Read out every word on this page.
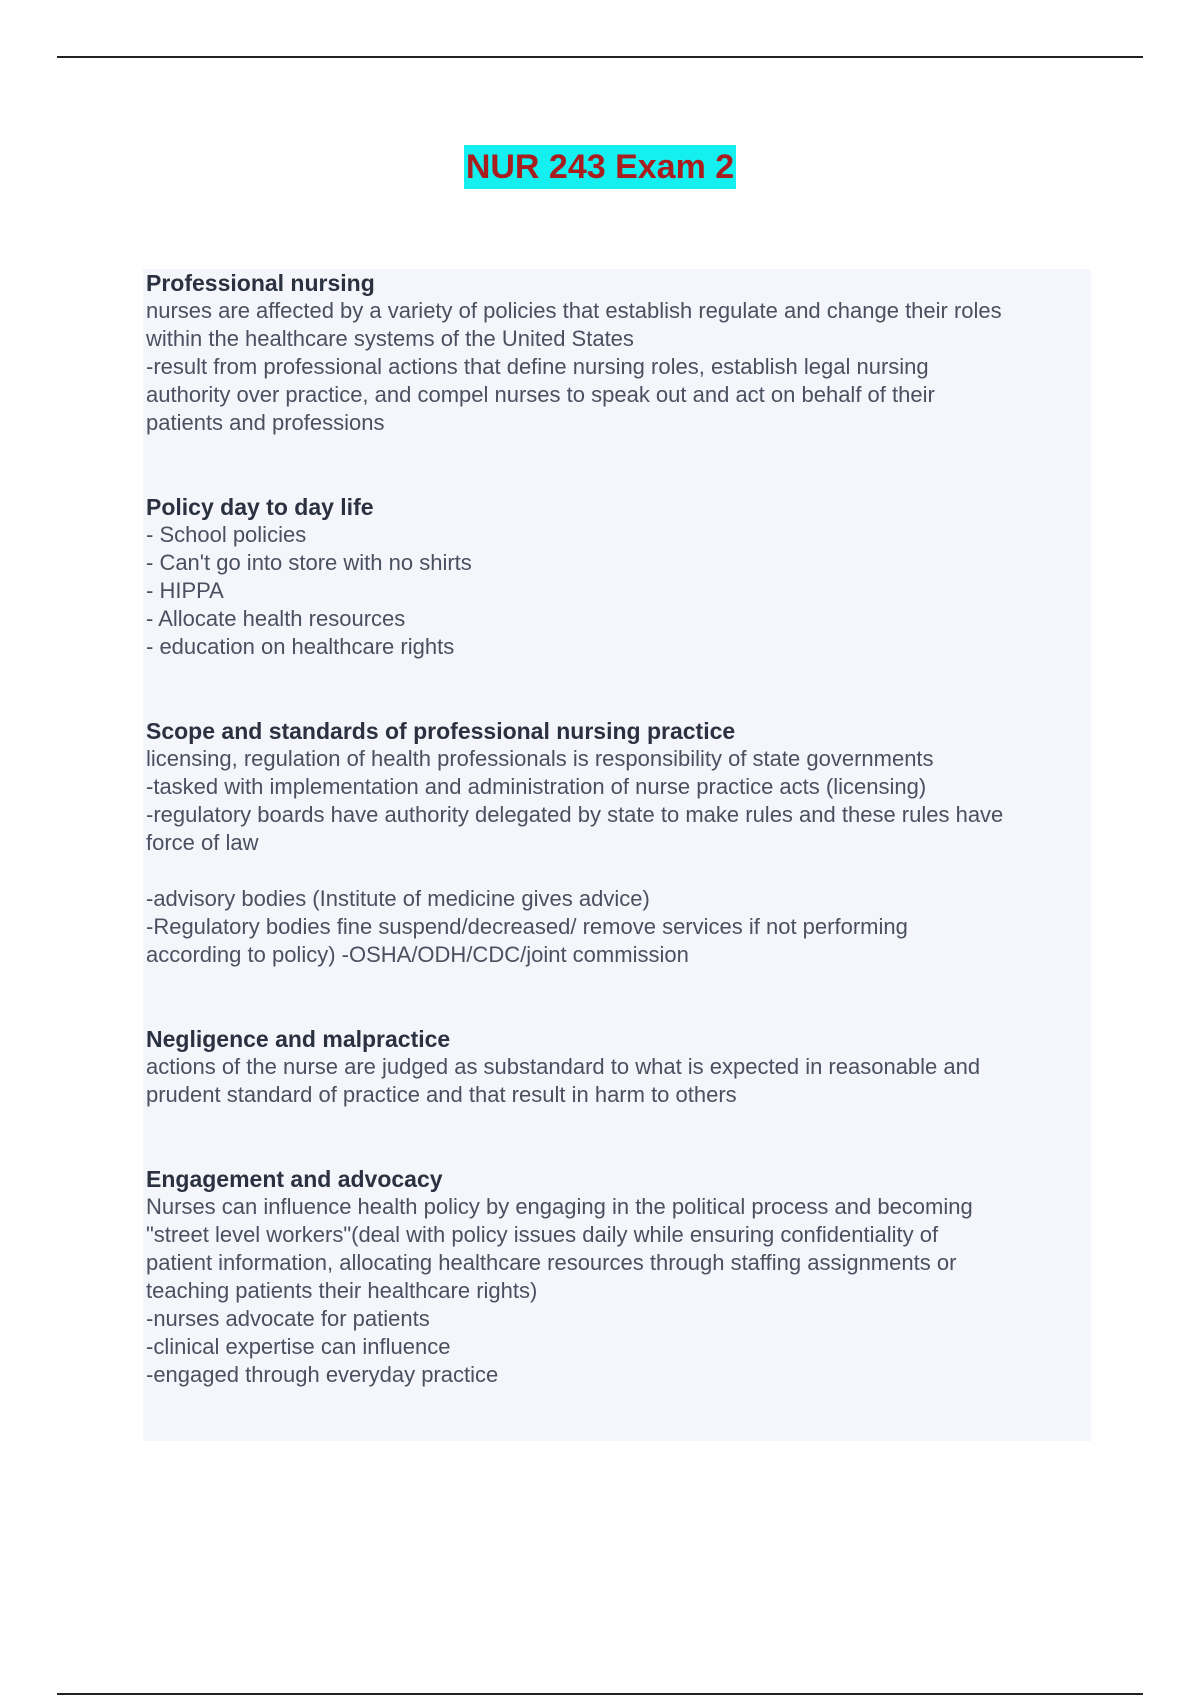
NUR 243 Exam 2
Professional nursing

nurses are affected by a variety of policies that establish regulate and change their roles

within the healthcare systems of the United States

-result from professional actions that define nursing roles, establish legal nursing

authority over practice, and compel nurses to speak out and act on behalf of their

patients and professions

Policy day to day life

- School policies

- Can't go into store with no shirts

- HIPPA

- Allocate health resources

- education on healthcare rights

Scope and standards of professional nursing practice

licensing, regulation of health professionals is responsibility of state governments

-tasked with implementation and administration of nurse practice acts (licensing)

-regulatory boards have authority delegated by state to make rules and these rules have

force of law

-advisory bodies (Institute of medicine gives advice)

-Regulatory bodies fine suspend/decreased/ remove services if not performing

according to policy) -OSHA/ODH/CDC/joint commission

Negligence and malpractice

actions of the nurse are judged as substandard to what is expected in reasonable and

prudent standard of practice and that result in harm to others

Engagement and advocacy

Nurses can influence health policy by engaging in the political process and becoming

"street level workers"(deal with policy issues daily while ensuring confidentiality of

patient information, allocating healthcare resources through staffing assignments or

teaching patients their healthcare rights)

-nurses advocate for patients

-clinical expertise can influence

-engaged through everyday practice
